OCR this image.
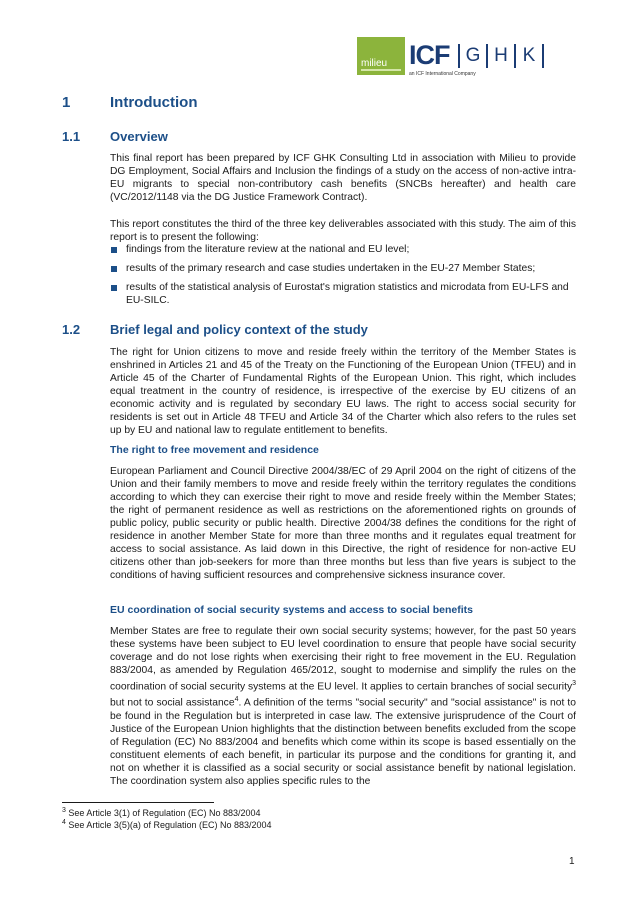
milieu ICF G H K
an ICF International Company
1	Introduction
1.1 Overview

This final report has been prepared by ICF GHK Consulting Ltd in association with Milieu to provide DG Employment, Social Affairs and Inclusion the findings of a study on the access of non-active intra-EU migrants to special non-contributory cash benefits (SNCBs hereafter) and health care (VC/2012/1148 via the DG Justice Framework Contract).

This report constitutes the third of the three key deliverables associated with this study. The aim of this report is to present the following:

findings from the literature review at the national and EU level;
results of the primary research and case studies undertaken in the EU-27 Member States;
results of the statistical analysis of Eurostat's migration statistics and microdata from EU-LFS and EU-SILC.
1.2 Brief legal and policy context of the study

The right for Union citizens to move and reside freely within the territory of the Member States is enshrined in Articles 21 and 45 of the Treaty on the Functioning of the European Union (TFEU) and in Article 45 of the Charter of Fundamental Rights of the European Union. This right, which includes equal treatment in the country of residence, is irrespective of the exercise by EU citizens of an economic activity and is regulated by secondary EU laws. The right to access social security for residents is set out in Article 48 TFEU and Article 34 of the Charter which also refers to the rules set up by EU and national law to regulate entitlement to benefits.

The right to free movement and residence

European Parliament and Council Directive 2004/38/EC of 29 April 2004 on the right of citizens of the Union and their family members to move and reside freely within the territory regulates the conditions according to which they can exercise their right to move and reside freely within the Member States; the right of permanent residence as well as restrictions on the aforementioned rights on grounds of public policy, public security or public health. Directive 2004/38 defines the conditions for the right of residence in another Member State for more than three months and it regulates equal treatment for access to social assistance. As laid down in this Directive, the right of residence for non-active EU citizens other than job-seekers for more than three months but less than five years is subject to the conditions of having sufficient resources and comprehensive sickness insurance cover.

EU coordination of social security systems and access to social benefits

Member States are free to regulate their own social security systems; however, for the past 50 years these systems have been subject to EU level coordination to ensure that people have social security coverage and do not lose rights when exercising their right to free movement in the EU. Regulation 883/2004, as amended by Regulation 465/2012, sought to modernise and simplify the rules on the coordination of social security systems at the EU level. It applies to certain branches of social security$^3$ but not to social assistance$^4$. A definition of the terms "social security" and "social assistance" is not to be found in the Regulation but is interpreted in case law. The extensive jurisprudence of the Court of Justice of the European Union highlights that the distinction between benefits excluded from the scope of Regulation (EC) No 883/2004 and benefits which come within its scope is based essentially on the constituent elements of each benefit, in particular its purpose and the conditions for granting it, and not on whether it is classified as a social security or social assistance benefit by national legislation. The coordination system also applies specific rules to the

$^3$ See Article 3(1) of Regulation (EC) No 883/2004
$^4$ See Article 3(5)(a) of Regulation (EC) No 883/2004
1
